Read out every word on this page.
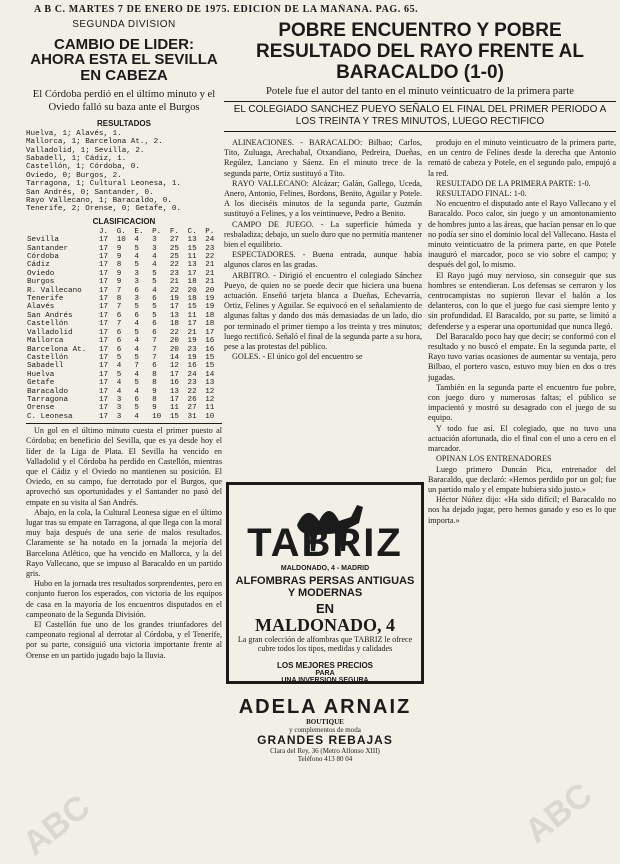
A B C. MARTES 7 DE ENERO DE 1975. EDICION DE LA MAÑANA. PAG. 65.
SEGUNDA DIVISION
CAMBIO DE LIDER: AHORA ESTA EL SEVILLA EN CABEZA
El Córdoba perdió en el último minuto y el Oviedo falló su baza ante el Burgos
RESULTADOS
Huelva, 1; Alavés, 1.
Mallorca, 1; Barcelona At., 2.
Valladolid, 1; Sevilla, 2.
Sabadell, 1; Cádiz, 1.
Castellón, 1; Córdoba, 0.
Oviedo, 0; Burgos, 2.
Tarragona, 1; Cultural Leonesa, 1.
San Andrés, 0; Santander, 0.
Rayo Vallecano, 1; Baracaldo, 0.
Tenerife, 2; Orense, 0; Getafe, 0.
CLASIFICACION
	J.	G.	E.	P.	F.	C.	P.
Sevilla	17	10	4	3	27	13	24
Santander	17	9	5	3	25	15	23
Córdoba	17	9	4	4	25	11	22
Cádiz	17	8	5	4	22	13	21
Oviedo	17	9	3	5	23	17	21
Burgos	17	9	3	5	21	18	21
R. Vallecano	17	7	6	4	22	20	20
Tenerife	17	8	3	6	19	18	19
Alavés	17	7	5	5	17	15	19
San Andrés	17	6	6	5	13	11	18
Castellón	17	7	4	6	18	17	18
Valladolid	17	6	5	6	22	21	17
Mallorca	17	6	4	7	20	19	16
Barcelona At.	17	6	4	7	20	23	16
Castellón	17	5	5	7	14	19	15
Sabadell	17	4	7	6	12	16	15
Huelva	17	5	4	8	17	24	14
Getafe	17	4	5	8	16	23	13
Baracaldo	17	4	4	9	13	22	12
Tarragona	17	3	6	8	17	26	12
Orense	17	3	5	9	11	27	11
C. Leonesa	17	3	4	10	15	31	10

Un gol en el último minuto cuesta el primer puesto al Córdoba; en beneficio del Sevilla, que es ya desde hoy el líder de la Liga de Plata. El Sevilla ha vencido en Valladolid y el Córdoba ha perdido en Castellón, mientras que el Cádiz y el Oviedo no mantienen su posición. El Oviedo, en su campo, fue derrotado por el Burgos, que aprovechó sus oportunidades y el Santander no pasó del empate en su visita al San Andrés.

Abajo, en la cola, la Cultural Leonesa sigue en el último lugar tras su empate en Tarragona, al que llega con la moral muy baja después de una serie de malos resultados. Claramente se ha notado en la jornada la mejoría del Barcelona Atlético, que ha vencido en Mallorca, y la del Rayo Vallecano, que se impuso al Baracaldo en un partido gris.

Hubo en la jornada tres resultados sorprendentes, pero en conjunto fueron los esperados, con victoria de los equipos de casa en la mayoría de los encuentros disputados en el campeonato de la Segunda División.

El Castellón fue uno de los grandes triunfadores del campeonato regional al derrotar al Córdoba, y el Tenerife, por su parte, consiguió una victoria importante frente al Orense en un partido jugado bajo la lluvia.

POBRE ENCUENTRO Y POBRE RESULTADO DEL RAYO FRENTE AL BARACALDO (1-0)
Potele fue el autor del tanto en el minuto veinticuatro de la primera parte
EL COLEGIADO SANCHEZ PUEYO SEÑALO EL FINAL DEL PRIMER PERIODO A LOS TREINTA Y TRES MINUTOS, LUEGO RECTIFICO

ALINEACIONES. - BARACALDO: Bilbao; Carlos, Tito, Zuluaga, Arechabal, Otxandiano, Pedreira, Dueñas, Regúlez, Lanciano y Sáenz. En el minuto trece de la segunda parte, Ortiz sustituyó a Tito.

RAYO VALLECANO: Alcázar; Galán, Gallego, Uceda, Anero, Antonio, Felines, Bordons, Benito, Aguilar y Potele. A los dieciséis minutos de la segunda parte, Guzmán sustituyó a Felines, y a los veintinueve, Pedro a Benito.

CAMPO DE JUEGO. - La superficie húmeda y resbaladiza; debajo, un suelo duro que no permitía mantener bien el equilibrio.

ESPECTADORES. - Buena entrada, aunque había algunos claros en las gradas.

ARBITRO. - Dirigió el encuentro el colegiado Sánchez Pueyo, de quien no se puede decir que hiciera una buena actuación. Enseñó tarjeta blanca a Dueñas, Echevarría, Ortiz, Felines y Aguilar. Se equivocó en el señalamiento de algunas faltas y dando dos más demasiadas de un lado, dio por terminado el primer tiempo a los treinta y tres minutos; luego rectificó. Señaló el final de la segunda parte a su hora, pese a las protestas del público.

GOLES. - El único gol del encuentro se

TABRIZ
MALDONADO, 4 - MADRID
ALFOMBRAS PERSAS ANTIGUAS Y MODERNAS
EN
MALDONADO, 4
La gran colección de alfombras que TABRIZ le ofrece cubre todos los tipos, medidas y calidades
LOS MEJORES PRECIOS
PARA
UNA INVERSION SEGURA
ADELA ARNAIZ
BOUTIQUE
y complementos de moda
GRANDES REBAJAS
Clara del Rey, 36 (Metro Alfonso XIII)
Teléfono 413 80 04

produjo en el minuto veinticuatro de la primera parte, en un centro de Felines desde la derecha que Antonio remató de cabeza y Potele, en el segundo palo, empujó a la red.

RESULTADO DE LA PRIMERA PARTE: 1-0.

RESULTADO FINAL: 1-0.

No encuentro el disputado ante el Rayo Vallecano y el Baracaldo. Poco calor, sin juego y un amontonamiento de hombres junto a las áreas, que hacían pensar en lo que no podía ser sino el dominio local del Vallecano. Hasta el minuto veinticuatro de la primera parte, en que Potele inauguró el marcador, poco se vio sobre el campo; y después del gol, lo mismo.

El Rayo jugó muy nervioso, sin conseguir que sus hombres se entendieran. Los defensas se cerraron y los centrocampistas no supieron llevar el balón a los delanteros, con lo que el juego fue casi siempre lento y sin profundidad. El Baracaldo, por su parte, se limitó a defenderse y a esperar una oportunidad que nunca llegó.

Del Baracaldo poco hay que decir; se conformó con el resultado y no buscó el empate. En la segunda parte, el Rayo tuvo varias ocasiones de aumentar su ventaja, pero Bilbao, el portero vasco, estuvo muy bien en dos o tres jugadas.

También en la segunda parte el encuentro fue pobre, con juego duro y numerosas faltas; el público se impacientó y mostró su desagrado con el juego de su equipo.

Y todo fue así. El colegiado, que no tuvo una actuación afortunada, dio el final con el uno a cero en el marcador.

OPINAN LOS ENTRENADORES

Luego primero Duncán Pica, entrenador del Baracaldo, que declaró: «Hemos perdido por un gol; fue un partido malo y el empate hubiera sido justo.»

Héctor Núñez dijo: «Ha sido difícil; el Baracaldo no nos ha dejado jugar, pero hemos ganado y eso es lo que importa.»

ABC	ABC
